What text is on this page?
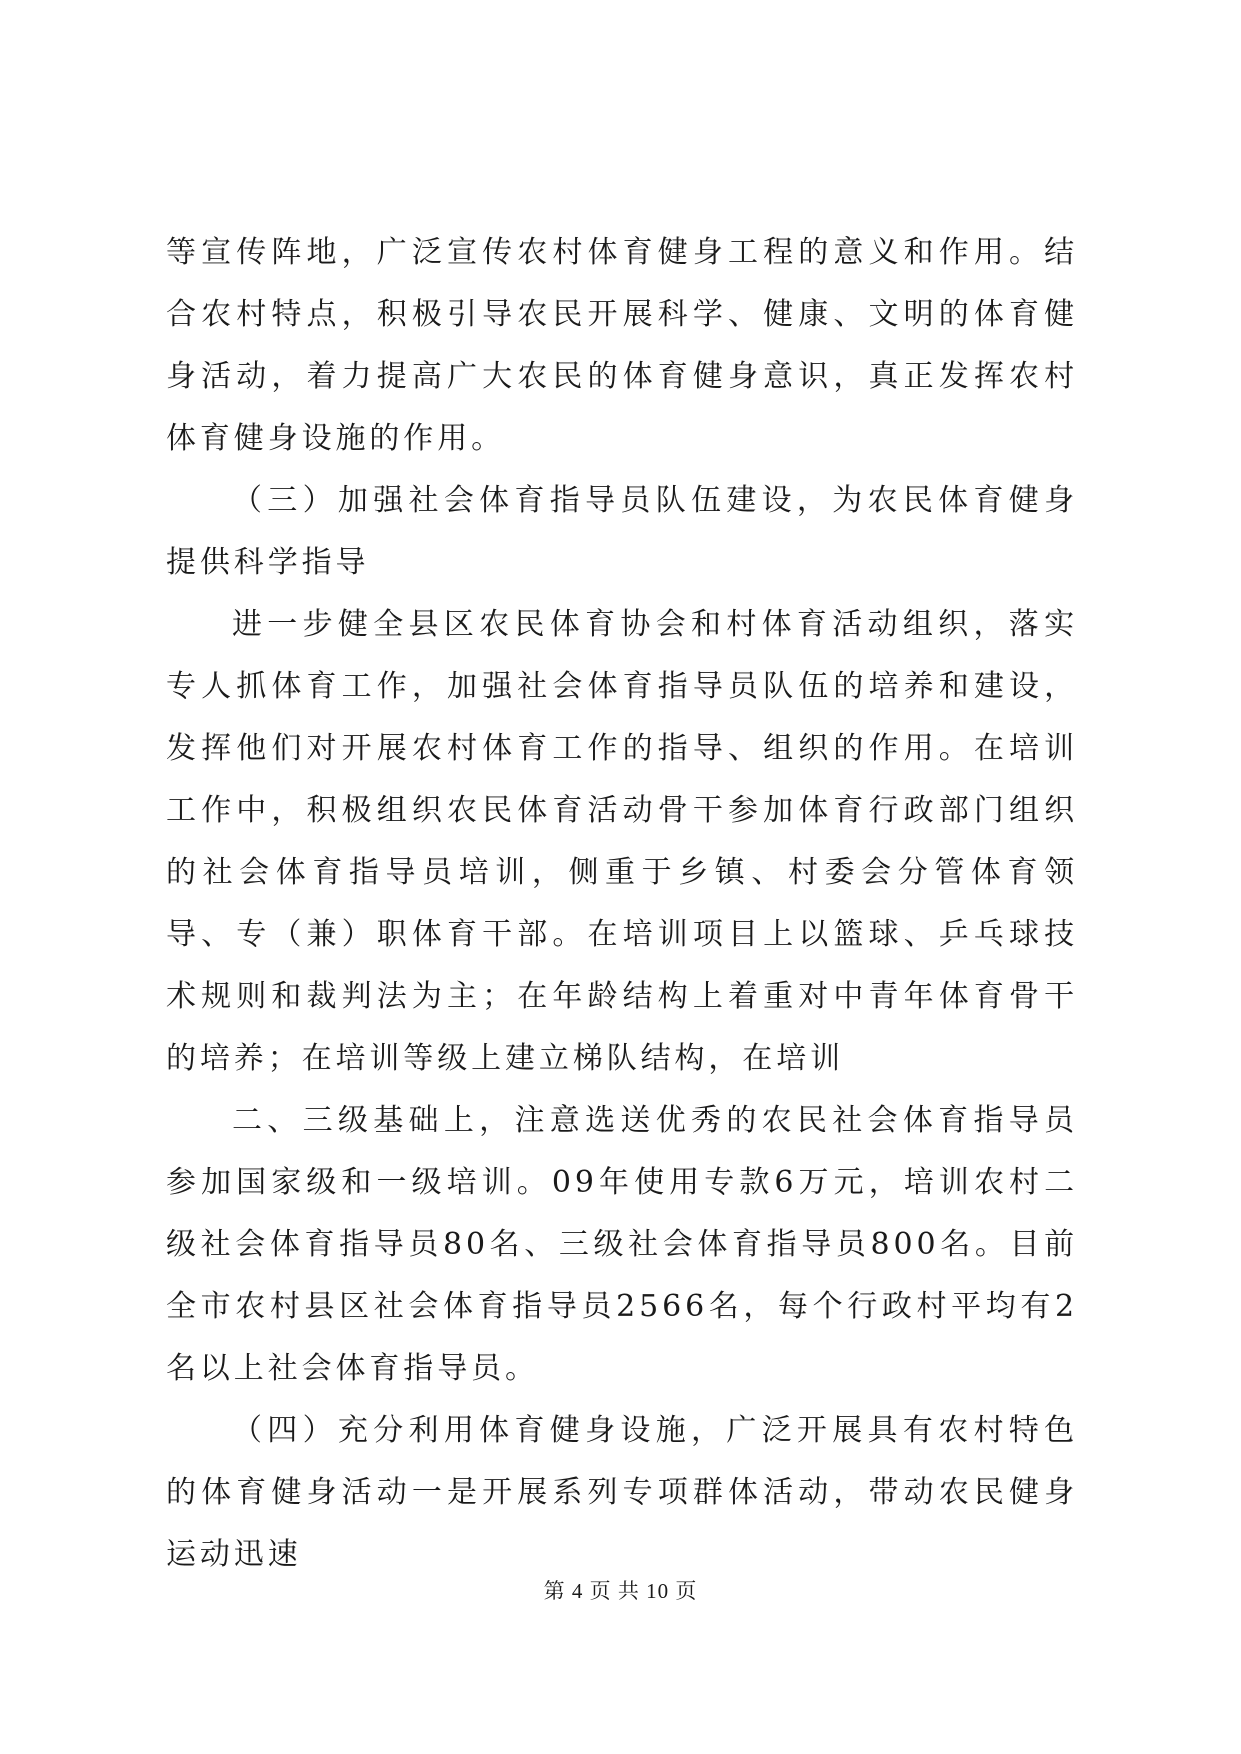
等宣传阵地，广泛宣传农村体育健身工程的意义和作用。结合农村特点，积极引导农民开展科学、健康、文明的体育健身活动，着力提高广大农民的体育健身意识，真正发挥农村体育健身设施的作用。

（三）加强社会体育指导员队伍建设，为农民体育健身提供科学指导

进一步健全县区农民体育协会和村体育活动组织，落实专人抓体育工作，加强社会体育指导员队伍的培养和建设，发挥他们对开展农村体育工作的指导、组织的作用。在培训工作中，积极组织农民体育活动骨干参加体育行政部门组织的社会体育指导员培训，侧重于乡镇、村委会分管体育领导、专（兼）职体育干部。在培训项目上以篮球、乒乓球技术规则和裁判法为主；在年龄结构上着重对中青年体育骨干的培养；在培训等级上建立梯队结构，在培训

二、三级基础上，注意选送优秀的农民社会体育指导员参加国家级和一级培训。09年使用专款6万元，培训农村二级社会体育指导员80名、三级社会体育指导员800名。目前全市农村县区社会体育指导员2566名，每个行政村平均有2名以上社会体育指导员。

（四）充分利用体育健身设施，广泛开展具有农村特色的体育健身活动一是开展系列专项群体活动，带动农民健身运动迅速

第 4 页 共 10 页
